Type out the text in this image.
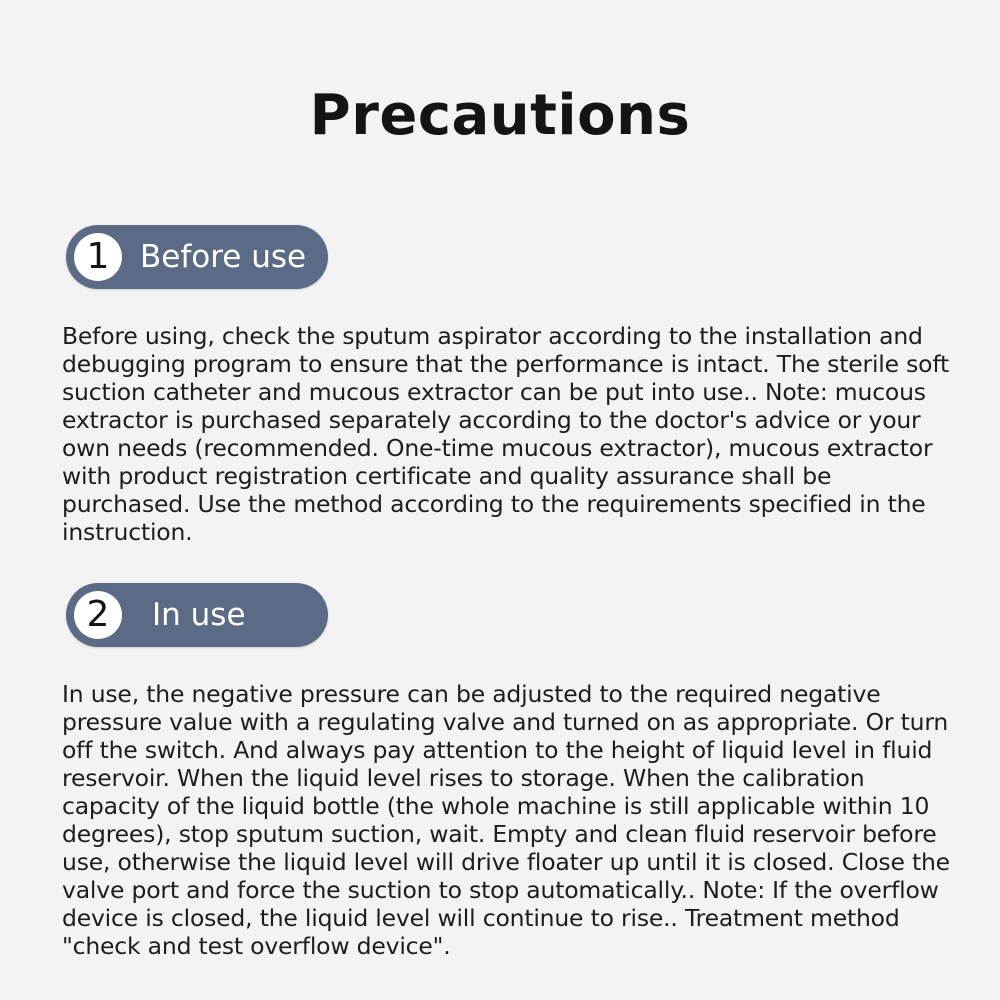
Precautions
1 Before use

Before using, check the sputum aspirator according to the installation and debugging program to ensure that the performance is intact. The sterile soft suction catheter and mucous extractor can be put into use.. Note: mucous extractor is purchased separately according to the doctor's advice or your own needs (recommended. One-time mucous extractor), mucous extractor with product registration certificate and quality assurance shall be purchased. Use the method according to the requirements specified in the instruction.

2	In use

In use, the negative pressure can be adjusted to the required negative pressure value with a regulating valve and turned on as appropriate. Or turn off the switch. And always pay attention to the height of liquid level in fluid reservoir. When the liquid level rises to storage. When the calibration capacity of the liquid bottle (the whole machine is still applicable within 10 degrees), stop sputum suction, wait. Empty and clean fluid reservoir before use, otherwise the liquid level will drive floater up until it is closed. Close the valve port and force the suction to stop automatically.. Note: If the overflow device is closed, the liquid level will continue to rise.. Treatment method "check and test overflow device".
